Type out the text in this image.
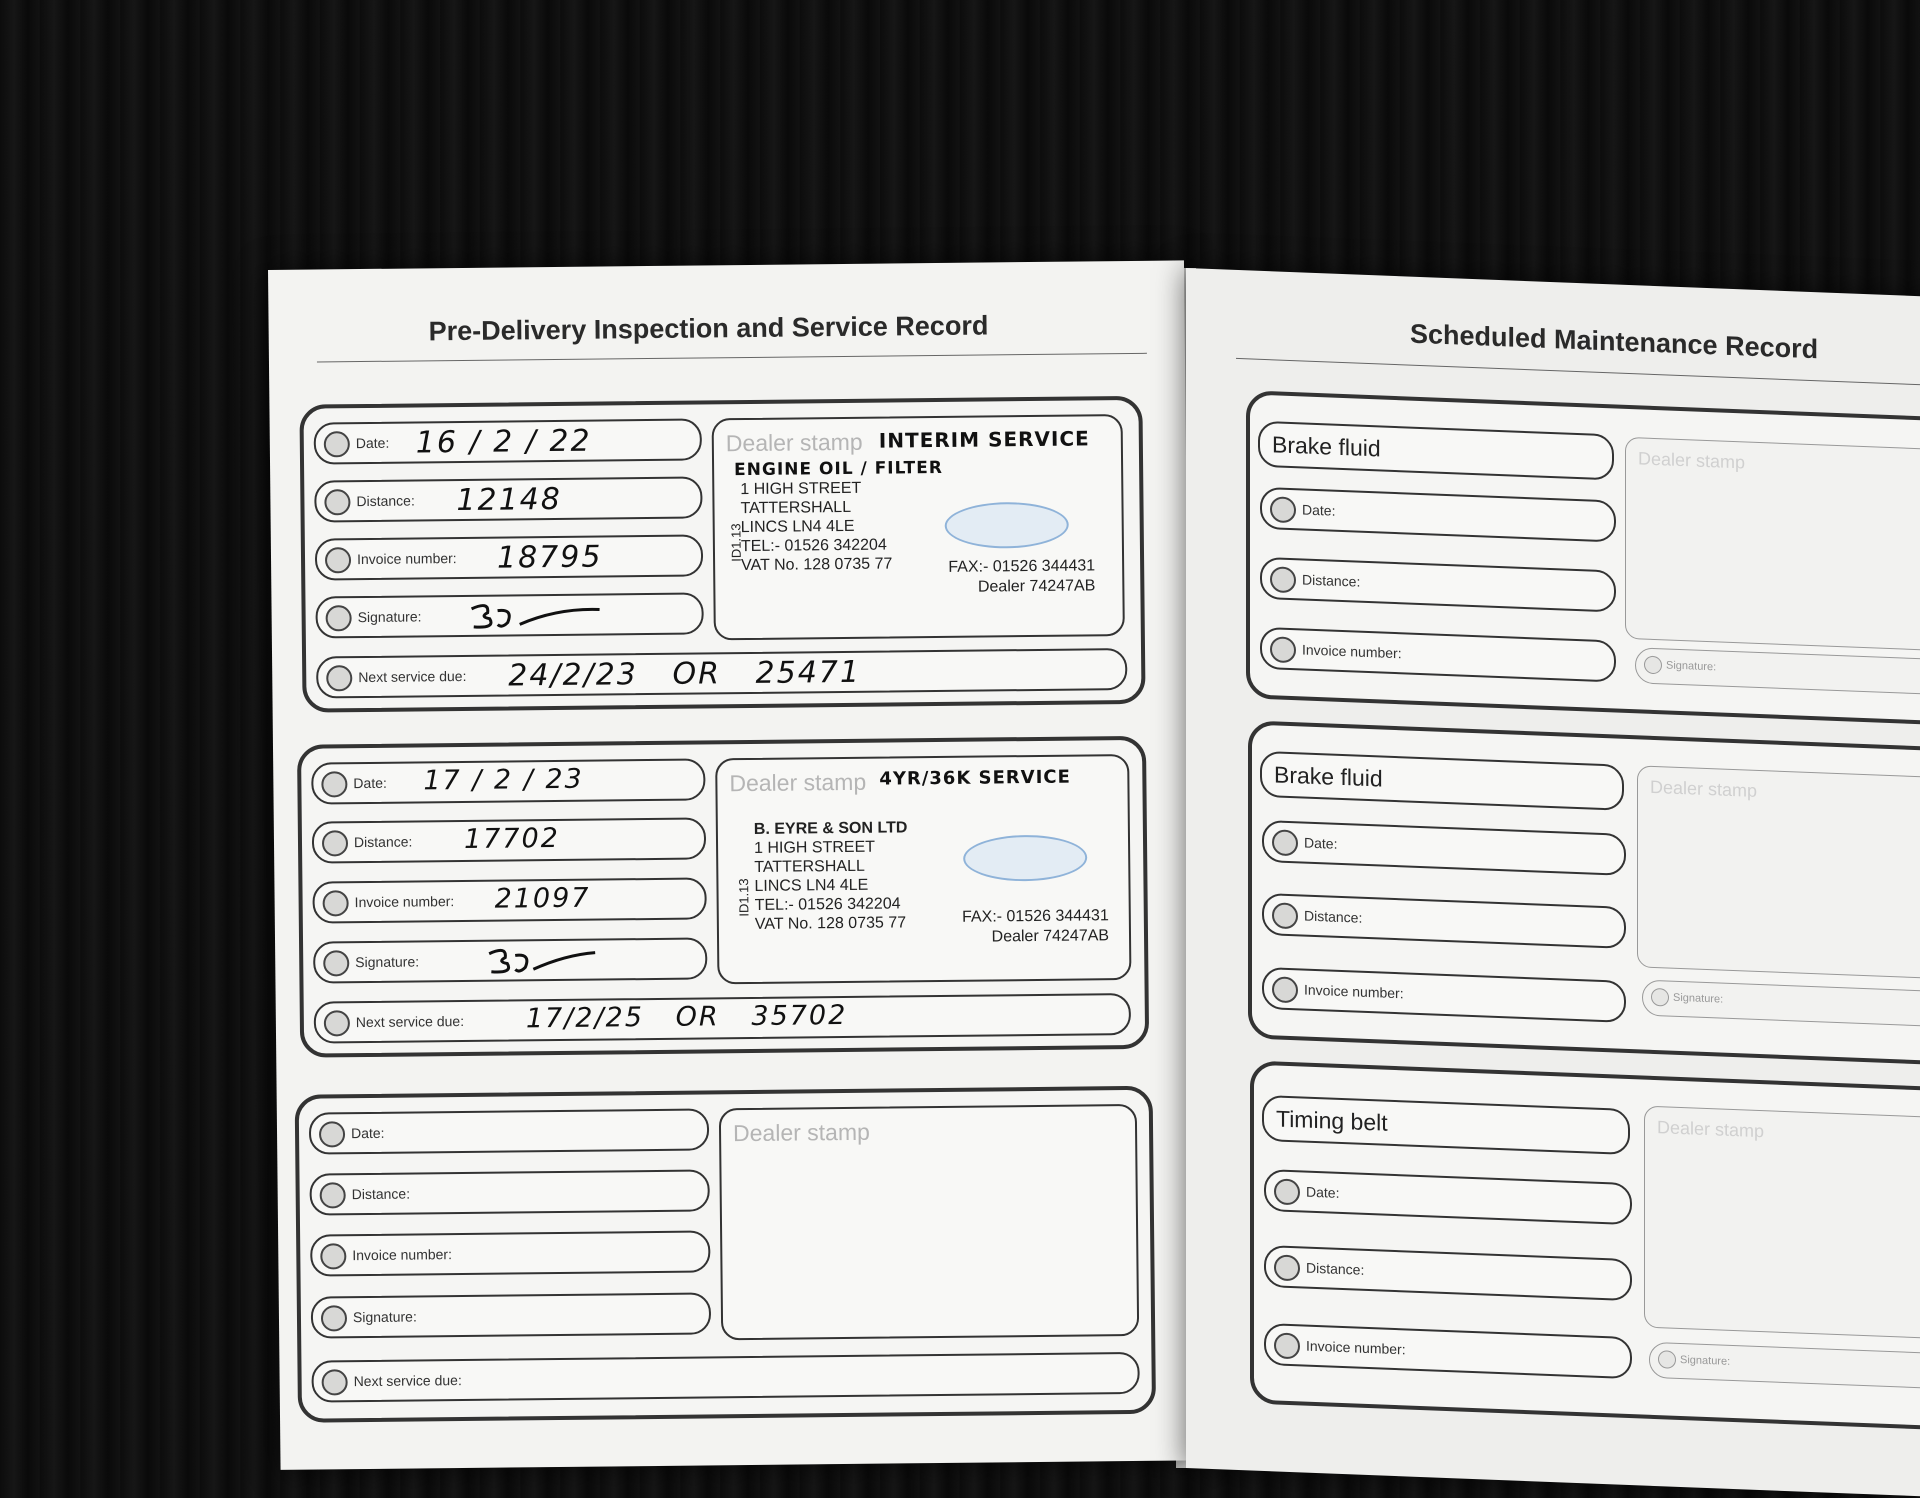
Pre-Delivery Inspection and Service Record
Date: 16 / 2 / 22
Distance: 12148
Invoice number: 18795
Signature:
Next service due: 24/2/23   OR   25471
Dealer stamp INTERIM SERVICE
ENGINE OIL / FILTER
1 HIGH STREET
TATTERSHALL
LINCS LN4 4LE
TEL:- 01526 342204
VAT No. 128 0735 77
ID1.13
FAX:- 01526 344431
Dealer 74247AB
Date: 17 / 2 / 23
Distance: 17702
Invoice number: 21097
Signature:
Next service due: 17/2/25   OR   35702
Dealer stamp 4YR/36K SERVICE
B. EYRE & SON LTD
1 HIGH STREET
TATTERSHALL
LINCS LN4 4LE
TEL:- 01526 342204
VAT No. 128 0735 77
ID1.13	FAX:- 01526 344431
Dealer 74247AB
Date:
Distance:
Invoice number:
Signature:
Next service due:
Dealer stamp
Scheduled Maintenance Record
Brake fluid
Date:
Distance:
Invoice number:
Dealer stamp
Signature:
Brake fluid
Date:
Distance:
Invoice number:
Dealer stamp
Signature:
Timing belt
Date:
Distance:
Invoice number:
Dealer stamp
Signature:
